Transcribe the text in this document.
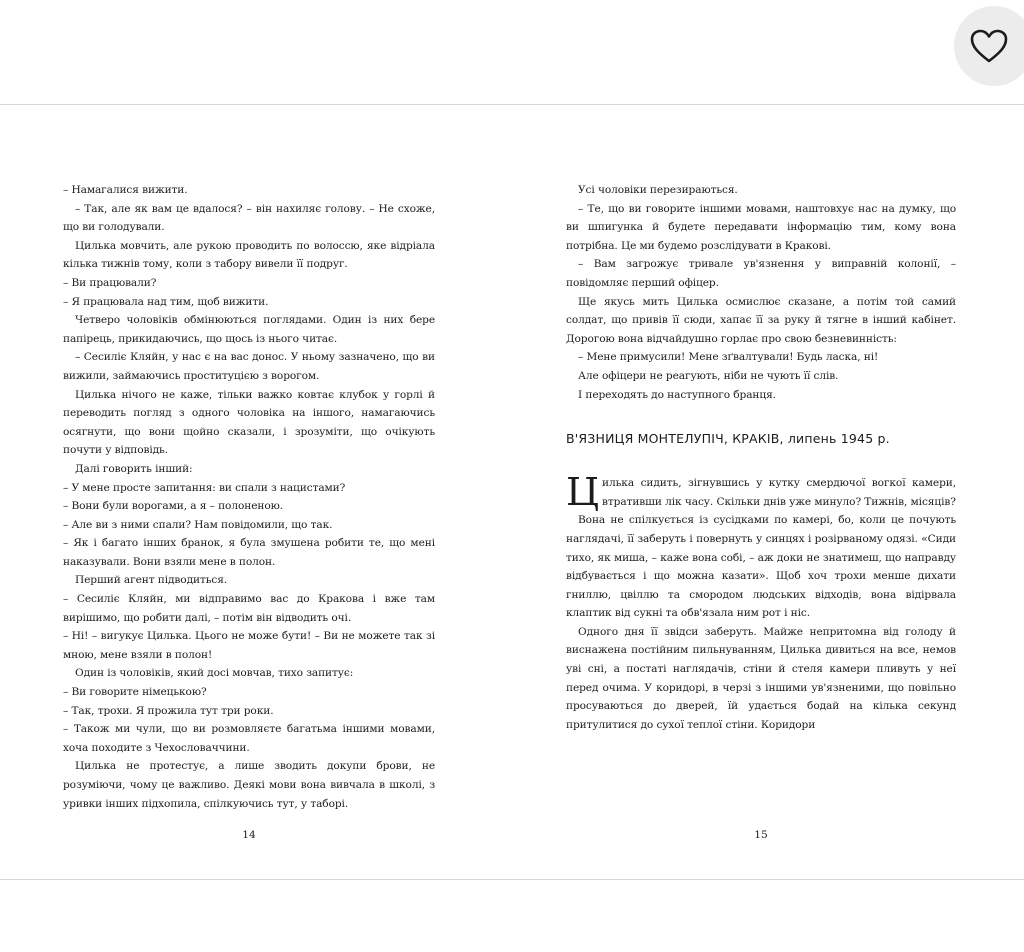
– Намагалися вижити.

– Так, але як вам це вдалося? – він нахиляє голову. – Не схоже, що ви голодували.

Цилька мовчить, але рукою проводить по волоссю, яке відріала кілька тижнів тому, коли з табору вивели її подруг.

– Ви працювали?

– Я працювала над тим, щоб вижити.

Четверо чоловіків обмінюються поглядами. Один із них бере папірець, прикидаючись, що щось із нього читає.

– Сесиліє Кляйн, у нас є на вас донос. У ньому зазначено, що ви вижили, займаючись проституцією з ворогом.

Цилька нічого не каже, тільки важко ковтає клубок у горлі й переводить погляд з одного чоловіка на іншого, намагаючись осягнути, що вони щойно сказали, і зрозуміти, що очікують почути у відповідь.

Далі говорить інший:

– У мене просте запитання: ви спали з нацистами?

– Вони були ворогами, а я – полоненою.

– Але ви з ними спали? Нам повідомили, що так.

– Як і багато інших бранок, я була змушена робити те, що мені наказували. Вони взяли мене в полон.

Перший агент підводиться.

– Сесиліє Кляйн, ми відправимо вас до Кракова і вже там вирішимо, що робити далі, – потім він відводить очі.

– Ні! – вигукує Цилька. Цього не може бути! – Ви не можете так зі мною, мене взяли в полон!

Один із чоловіків, який досі мовчав, тихо запитує:

– Ви говорите німецькою?

– Так, трохи. Я прожила тут три роки.

– Також ми чули, що ви розмовляєте багатьма іншими мовами, хоча походите з Чехословаччини.

Цилька не протестує, а лише зводить докупи брови, не розуміючи, чому це важливо. Деякі мови вона вивчала в школі, з уривки інших підхопила, спілкуючись тут, у таборі.

14

Усі чоловіки перезираються.

– Те, що ви говорите іншими мовами, наштовхує нас на думку, що ви шпигунка й будете передавати інформацію тим, кому вона потрібна. Це ми будемо розслідувати в Кракові.

– Вам загрожує тривале ув'язнення у виправній колонії, – повідомляє перший офіцер.

Ще якусь мить Цилька осмислює сказане, а потім той самий солдат, що привів її сюди, хапає її за руку й тягне в інший кабінет. Дорогою вона відчайдушно горлає про свою безневинність:

– Мене примусили! Мене зґвалтували! Будь ласка, ні!

Але офіцери не реагують, ніби не чують її слів.

І переходять до наступного бранця.

В'ЯЗНИЦЯ МОНТЕЛУПІЧ, КРАКІВ, липень 1945 р.

Цилька сидить, зігнувшись у кутку смердючої вогкої камери, втративши лік часу. Скільки днів уже минуло? Тижнів, місяців?

Вона не спілкується із сусідками по камері, бо, коли це почують наглядачі, її заберуть і повернуть у синцях і розірваному одязі. «Сиди тихо, як миша, – каже вона собі, – аж доки не знатимеш, що направду відбувається і що можна казати». Щоб хоч трохи менше дихати гниллю, цвіллю та смородом людських відходів, вона відірвала клаптик від сукні та обв'язала ним рот і ніс.

Одного дня її звідси заберуть. Майже непритомна від голоду й виснажена постійним пильнуванням, Цилька дивиться на все, немов уві сні, а постаті наглядачів, стіни й стеля камери пливуть у неї перед очима. У коридорі, в черзі з іншими ув'язненими, що повільно просуваються до дверей, їй удається бодай на кілька секунд притулитися до сухої теплої стіни. Коридори

15
